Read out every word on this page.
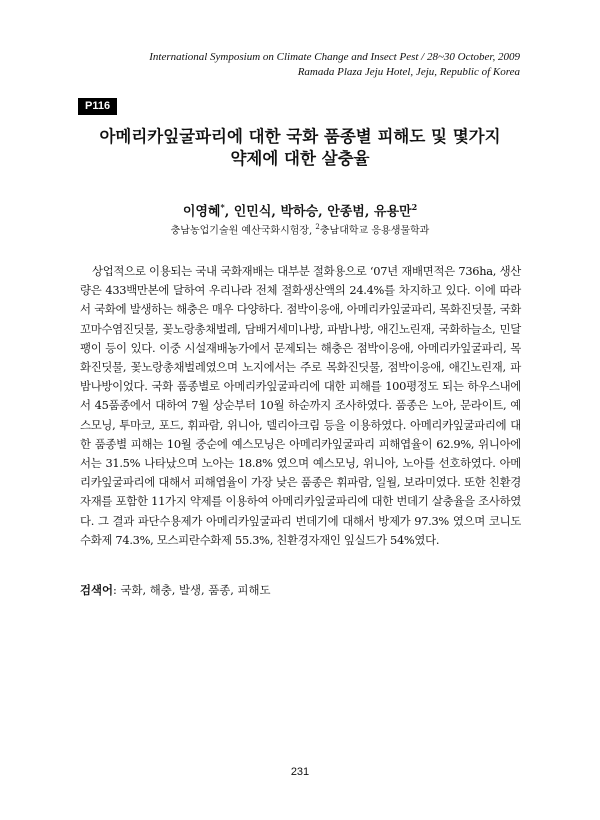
International Symposium on Climate Change and Insect Pest / 28~30 October, 2009
Ramada Plaza Jeju Hotel, Jeju, Republic of Korea
P116
아메리카잎굴파리에 대한 국화 품종별 피해도 및 몇가지
약제에 대한 살충율
이영혜*, 인민식, 박하승, 안종범, 유용만$^2$
충남농업기술원 예산국화시험장, $^2$충남대학교 응용생물학과

상업적으로 이용되는 국내 국화재배는 대부분 절화용으로 ‘07년 재배면적은 736ha, 생산량은 433백만본에 달하여 우리나라 전체 절화생산액의 24.4%를 차지하고 있다. 이에 따라서 국화에 발생하는 해충은 매우 다양하다. 점박이응애, 아메리카잎굴파리, 목화진딧물, 국화꼬마수염진딧물, 꽃노랑총채벌레, 담배거세미나방, 파밤나방, 애긴노린재, 국화하늘소, 민달팽이 등이 있다. 이중 시설재배농가에서 문제되는 해충은 점박이응애, 아메리카잎굴파리, 목화진딧물, 꽃노랑총채벌레였으며 노지에서는 주로 목화진딧물, 점박이응애, 애긴노린재, 파밤나방이었다. 국화 품종별로 아메리카잎굴파리에 대한 피해를 100평정도 되는 하우스내에서 45품종에서 대하여 7월 상순부터 10월 하순까지 조사하였다. 품종은 노아, 문라이트, 예스모닝, 투마코, 포드, 휘파람, 위니아, 델리아크림 등을 이용하였다. 아메리카잎굴파리에 대한 품종별 피해는 10월 중순에 예스모닝은 아메리카잎굴파리 피해엽율이 62.9%, 위니아에서는 31.5% 나타났으며 노아는 18.8% 였으며 예스모닝, 위니아, 노아를 선호하였다. 아메리카잎굴파리에 대해서 피해엽율이 가장 낮은 품종은 휘파람, 일월, 보라미였다. 또한 친환경자재를 포함한 11가지 약제를 이용하여 아메리카잎굴파리에 대한 번데기 살충율을 조사하였다. 그 결과 파단수용제가 아메리카잎굴파리 번데기에 대해서 방제가 97.3% 였으며 코니도수화제 74.3%, 모스피란수화제 55.3%, 친환경자재인 잎실드가 54%였다.

검색어: 국화, 해충, 발생, 품종, 피해도
231
